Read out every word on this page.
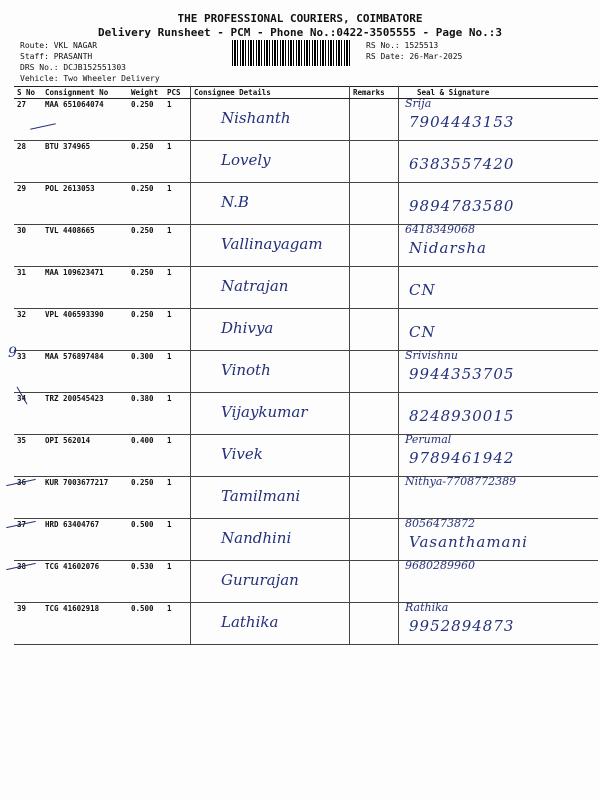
THE PROFESSIONAL COURIERS, COIMBATORE
Delivery Runsheet - PCM - Phone No.:0422-3505555 - Page No.:3
Route: VKL NAGAR
Staff: PRASANTH
DRS No.: DCJB152551303
Vehicle: Two Wheeler Delivery
RS No.: 1525513
RS Date: 26-Mar-2025
S No	Consignment No	Weight	PCS	Consignee Details	Remarks	Seal & Signature
27	MAA 651064074	0.250	1	Nishanth		Srija
7904443153

28	BTU 374965	0.250	1	Lovely		6383557420

29	POL 2613053	0.250	1	N.B		9894783580

30	TVL 4408665	0.250	1	Vallinayagam		6418349068
Nidarsha

31	MAA 109623471	0.250	1	Natrajan		CN

32	VPL 406593390	0.250	1	Dhivya		CN

33	MAA 576897484	0.300	1	Vinoth		Srivishnu
9944353705

34	TRZ 200545423	0.380	1	Vijaykumar		8248930015

35	OPI 562014	0.400	1	Vivek		Perumal
9789461942

36	KUR 7003677217	0.250	1	Tamilmani		Nithya-7708772389

37	HRD 63404767	0.500	1	Nandhini		8056473872
Vasanthamani

38	TCG 41602076	0.530	1	Gururajan		9680289960

39	TCG 41602918	0.500	1	Lathika		Rathika
9952894873
9
